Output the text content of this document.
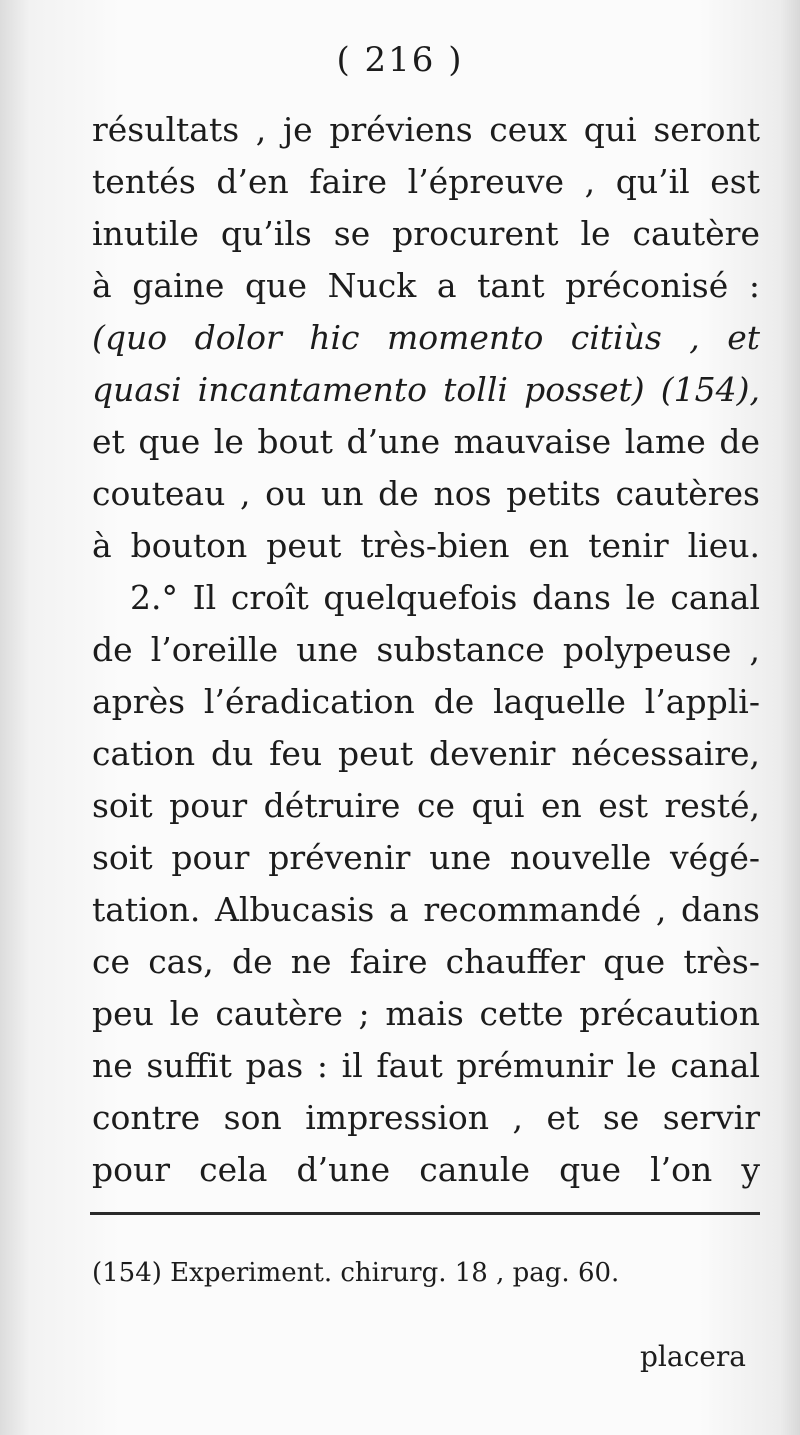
( 216 )
résultats , je préviens ceux qui seront
tentés d’en faire l’épreuve , qu’il est
inutile qu’ils se procurent le cautère
à gaine que Nuck a tant préconisé :
(quo dolor hic momento citiùs , et
quasi incantamento tolli posset) (154),
et que le bout d’une mauvaise lame de
couteau , ou un de nos petits cautères
à bouton peut très-bien en tenir lieu.
2.° Il croît quelquefois dans le canal
de l’oreille une substance polypeuse ,
après l’éradication de laquelle l’appli-
cation du feu peut devenir nécessaire,
soit pour détruire ce qui en est resté,
soit pour prévenir une nouvelle végé-
tation. Albucasis a recommandé , dans
ce cas, de ne faire chauffer que très-
peu le cautère ; mais cette précaution
ne suffit pas : il faut prémunir le canal
contre son impression , et se servir
pour cela d’une canule que l’on y
(154) Experiment. chirurg. 18 , pag. 60.
placera
